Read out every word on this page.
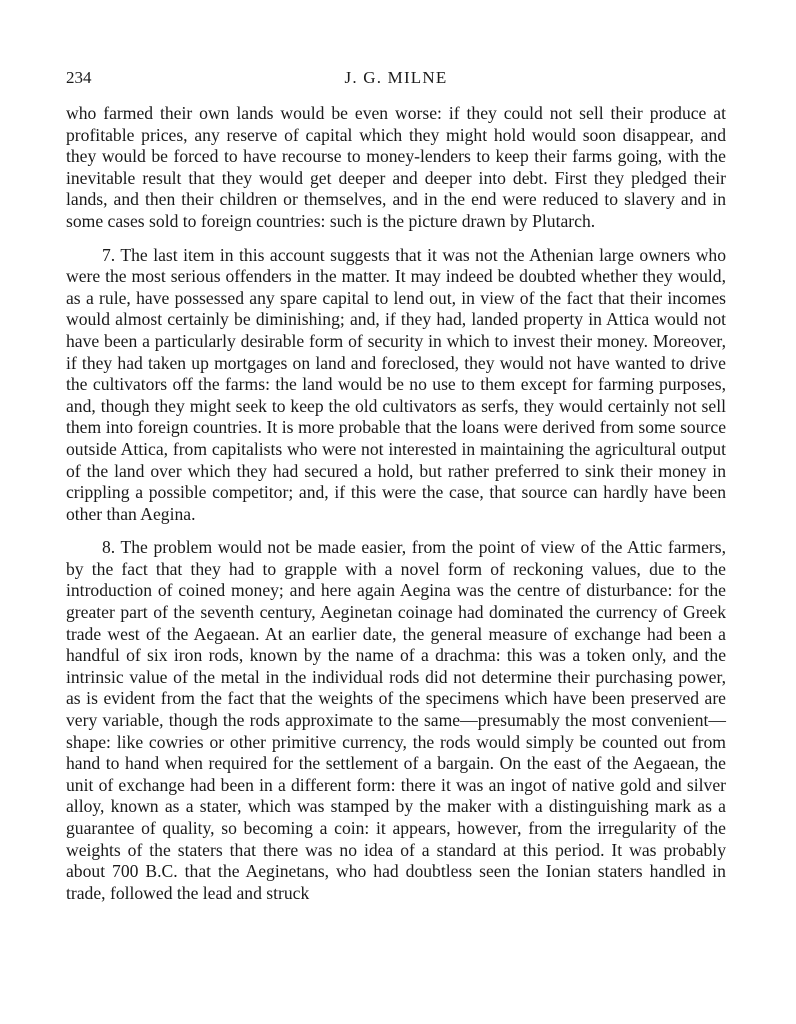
234	J. G. MILNE

who farmed their own lands would be even worse: if they could not sell their produce at profitable prices, any reserve of capital which they might hold would soon disappear, and they would be forced to have recourse to money-lenders to keep their farms going, with the inevitable result that they would get deeper and deeper into debt. First they pledged their lands, and then their children or themselves, and in the end were reduced to slavery and in some cases sold to foreign countries: such is the picture drawn by Plutarch.

7. The last item in this account suggests that it was not the Athenian large owners who were the most serious offenders in the matter. It may indeed be doubted whether they would, as a rule, have possessed any spare capital to lend out, in view of the fact that their incomes would almost certainly be diminishing; and, if they had, landed property in Attica would not have been a particularly desirable form of security in which to invest their money. Moreover, if they had taken up mortgages on land and foreclosed, they would not have wanted to drive the cultivators off the farms: the land would be no use to them except for farming purposes, and, though they might seek to keep the old cultivators as serfs, they would certainly not sell them into foreign countries. It is more probable that the loans were derived from some source outside Attica, from capitalists who were not interested in maintaining the agricultural output of the land over which they had secured a hold, but rather preferred to sink their money in crippling a possible competitor; and, if this were the case, that source can hardly have been other than Aegina.

8. The problem would not be made easier, from the point of view of the Attic farmers, by the fact that they had to grapple with a novel form of reckoning values, due to the introduction of coined money; and here again Aegina was the centre of disturbance: for the greater part of the seventh century, Aeginetan coinage had dominated the currency of Greek trade west of the Aegaean. At an earlier date, the general measure of exchange had been a handful of six iron rods, known by the name of a drachma: this was a token only, and the intrinsic value of the metal in the individual rods did not determine their purchasing power, as is evident from the fact that the weights of the specimens which have been preserved are very variable, though the rods approximate to the same—presumably the most convenient—shape: like cowries or other primitive currency, the rods would simply be counted out from hand to hand when required for the settlement of a bargain. On the east of the Aegaean, the unit of exchange had been in a different form: there it was an ingot of native gold and silver alloy, known as a stater, which was stamped by the maker with a distinguishing mark as a guarantee of quality, so becoming a coin: it appears, however, from the irregularity of the weights of the staters that there was no idea of a standard at this period. It was probably about 700 B.C. that the Aeginetans, who had doubtless seen the Ionian staters handled in trade, followed the lead and struck
